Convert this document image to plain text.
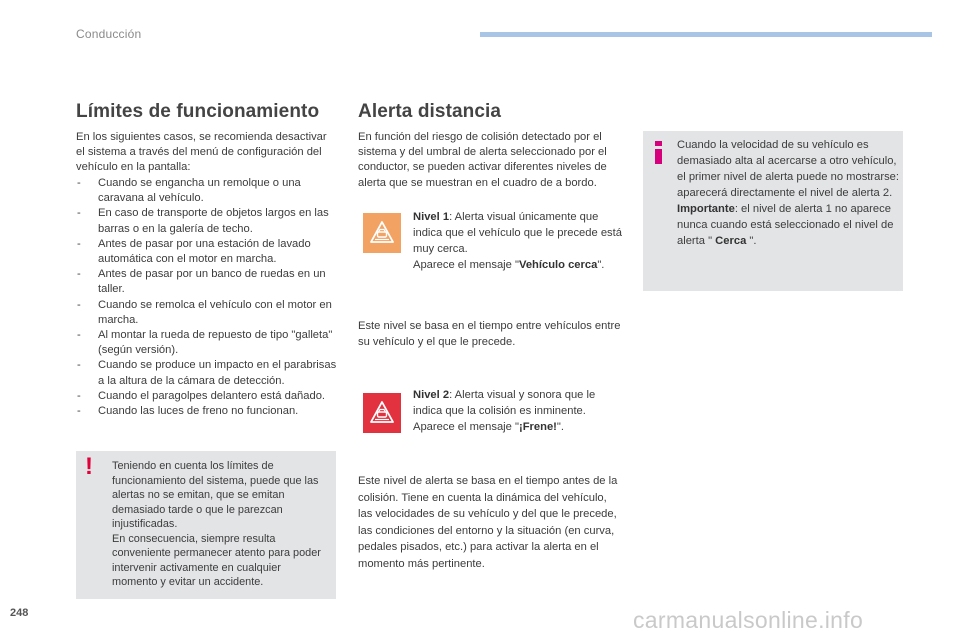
Conducción
Límites de funcionamiento
En los siguientes casos, se recomienda desactivar el sistema a través del menú de configuración del vehículo en la pantalla:
- Cuando se engancha un remolque o una caravana al vehículo.
- En caso de transporte de objetos largos en las barras o en la galería de techo.
- Antes de pasar por una estación de lavado automática con el motor en marcha.
- Antes de pasar por un banco de ruedas en un taller.
- Cuando se remolca el vehículo con el motor en marcha.
- Al montar la rueda de repuesto de tipo "galleta" (según versión).
- Cuando se produce un impacto en el parabrisas a la altura de la cámara de detección.
- Cuando el paragolpes delantero está dañado.
- Cuando las luces de freno no funcionan.
! Teniendo en cuenta los límites de funcionamiento del sistema, puede que las alertas no se emitan, que se emitan demasiado tarde o que le parezcan injustificadas.
En consecuencia, siempre resulta conveniente permanecer atento para poder intervenir activamente en cualquier momento y evitar un accidente.
Alerta distancia
En función del riesgo de colisión detectado por el sistema y del umbral de alerta seleccionado por el conductor, se pueden activar diferentes niveles de alerta que se muestran en el cuadro de a bordo.
Nivel 1: Alerta visual únicamente que indica que el vehículo que le precede está muy cerca.
Aparece el mensaje "Vehículo cerca".
Este nivel se basa en el tiempo entre vehículos entre su vehículo y el que le precede.
Nivel 2: Alerta visual y sonora que le indica que la colisión es inminente.
Aparece el mensaje "¡Frene!".
Este nivel de alerta se basa en el tiempo antes de la colisión. Tiene en cuenta la dinámica del vehículo, las velocidades de su vehículo y del que le precede, las condiciones del entorno y la situación (en curva, pedales pisados, etc.) para activar la alerta en el momento más pertinente.
Cuando la velocidad de su vehículo es demasiado alta al acercarse a otro vehículo, el primer nivel de alerta puede no mostrarse: aparecerá directamente el nivel de alerta 2.
Importante: el nivel de alerta 1 no aparece nunca cuando está seleccionado el nivel de alerta " Cerca ".
248	carmanualsonline.info
